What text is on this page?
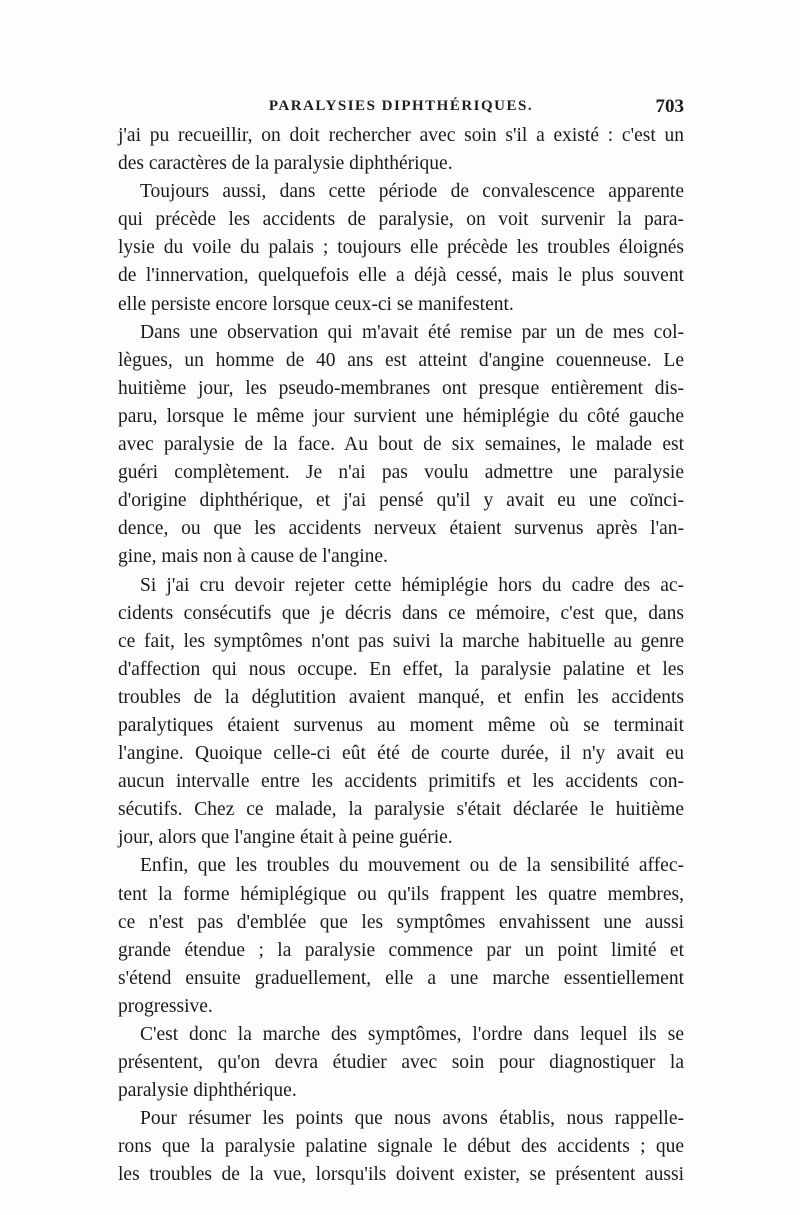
PARALYSIES DIPHTHÉRIQUES.	703

j'ai pu recueillir, on doit rechercher avec soin s'il a existé : c'est un
des caractères de la paralysie diphthérique.

Toujours aussi, dans cette période de convalescence apparente
qui précède les accidents de paralysie, on voit survenir la para-
lysie du voile du palais ; toujours elle précède les troubles éloignés
de l'innervation, quelquefois elle a déjà cessé, mais le plus souvent
elle persiste encore lorsque ceux-ci se manifestent.

Dans une observation qui m'avait été remise par un de mes col-
lègues, un homme de 40 ans est atteint d'angine couenneuse. Le
huitième jour, les pseudo-membranes ont presque entièrement dis-
paru, lorsque le même jour survient une hémiplégie du côté gauche
avec paralysie de la face. Au bout de six semaines, le malade est
guéri complètement. Je n'ai pas voulu admettre une paralysie
d'origine diphthérique, et j'ai pensé qu'il y avait eu une coïnci-
dence, ou que les accidents nerveux étaient survenus après l'an-
gine, mais non à cause de l'angine.

Si j'ai cru devoir rejeter cette hémiplégie hors du cadre des ac-
cidents consécutifs que je décris dans ce mémoire, c'est que, dans
ce fait, les symptômes n'ont pas suivi la marche habituelle au genre
d'affection qui nous occupe. En effet, la paralysie palatine et les
troubles de la déglutition avaient manqué, et enfin les accidents
paralytiques étaient survenus au moment même où se terminait
l'angine. Quoique celle-ci eût été de courte durée, il n'y avait eu
aucun intervalle entre les accidents primitifs et les accidents con-
sécutifs. Chez ce malade, la paralysie s'était déclarée le huitième
jour, alors que l'angine était à peine guérie.

Enfin, que les troubles du mouvement ou de la sensibilité affec-
tent la forme hémiplégique ou qu'ils frappent les quatre membres,
ce n'est pas d'emblée que les symptômes envahissent une aussi
grande étendue ; la paralysie commence par un point limité et
s'étend ensuite graduellement, elle a une marche essentiellement
progressive.

C'est donc la marche des symptômes, l'ordre dans lequel ils se
présentent, qu'on devra étudier avec soin pour diagnostiquer la
paralysie diphthérique.

Pour résumer les points que nous avons établis, nous rappelle-
rons que la paralysie palatine signale le début des accidents ; que
les troubles de la vue, lorsqu'ils doivent exister, se présentent aussi
